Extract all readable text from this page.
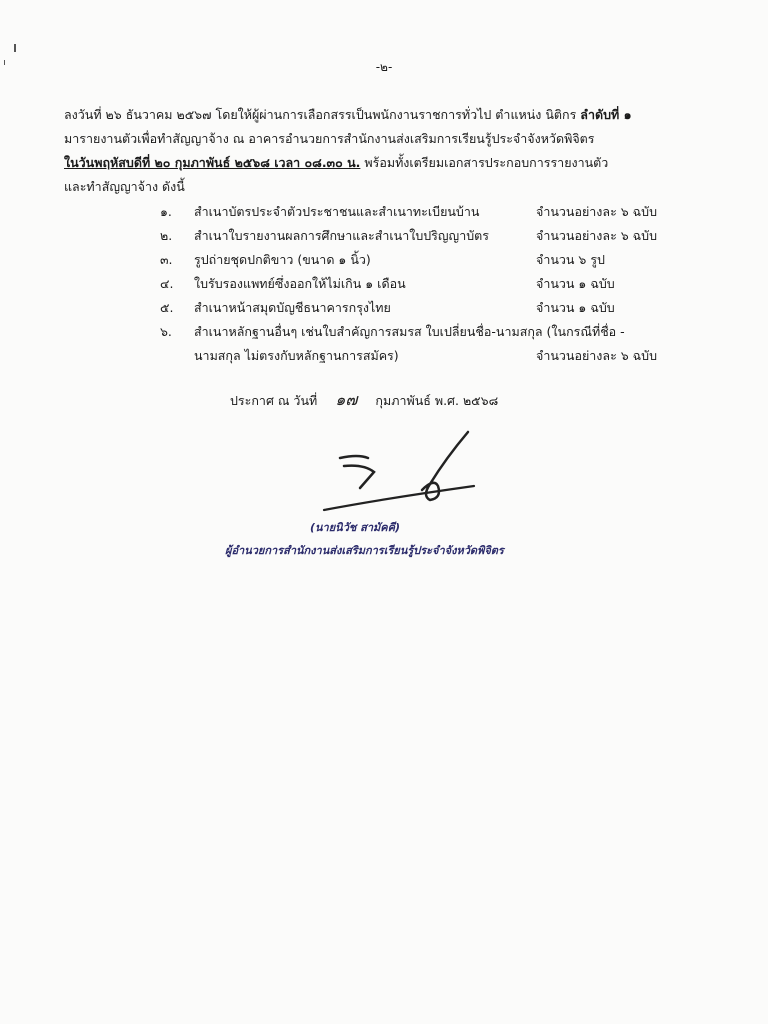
-๒-
ลงวันที่ ๒๖ ธันวาคม ๒๕๖๗ โดยให้ผู้ผ่านการเลือกสรรเป็นพนักงานราชการทั่วไป ตำแหน่ง นิติกร ลำดับที่ ๑
มารายงานตัวเพื่อทำสัญญาจ้าง ณ อาคารอำนวยการสำนักงานส่งเสริมการเรียนรู้ประจำจังหวัดพิจิตร
ในวันพฤหัสบดีที่ ๒๐ กุมภาพันธ์ ๒๕๖๘ เวลา ๐๘.๓๐ น. พร้อมทั้งเตรียมเอกสารประกอบการรายงานตัว
และทำสัญญาจ้าง ดังนี้
๑.	สำเนาบัตรประจำตัวประชาชนและสำเนาทะเบียนบ้าน	จำนวนอย่างละ ๖ ฉบับ
๒.	สำเนาใบรายงานผลการศึกษาและสำเนาใบปริญญาบัตร	จำนวนอย่างละ ๖ ฉบับ
๓.	รูปถ่ายชุดปกติขาว (ขนาด ๑ นิ้ว)	จำนวน ๖ รูป
๔.	ใบรับรองแพทย์ซึ่งออกให้ไม่เกิน ๑ เดือน	จำนวน ๑ ฉบับ
๕.	สำเนาหน้าสมุดบัญชีธนาคารกรุงไทย	จำนวน ๑ ฉบับ
๖.	สำเนาหลักฐานอื่นๆ เช่นใบสำคัญการสมรส ใบเปลี่ยนชื่อ-นามสกุล (ในกรณีที่ชื่อ -
นามสกุล ไม่ตรงกับหลักฐานการสมัคร)	จำนวนอย่างละ ๖ ฉบับ
ประกาศ ณ วันที่ ๑๗ กุมภาพันธ์ พ.ศ. ๒๕๖๘
(นายนิวัช สามัคคี)
ผู้อำนวยการสำนักงานส่งเสริมการเรียนรู้ประจำจังหวัดพิจิตร
